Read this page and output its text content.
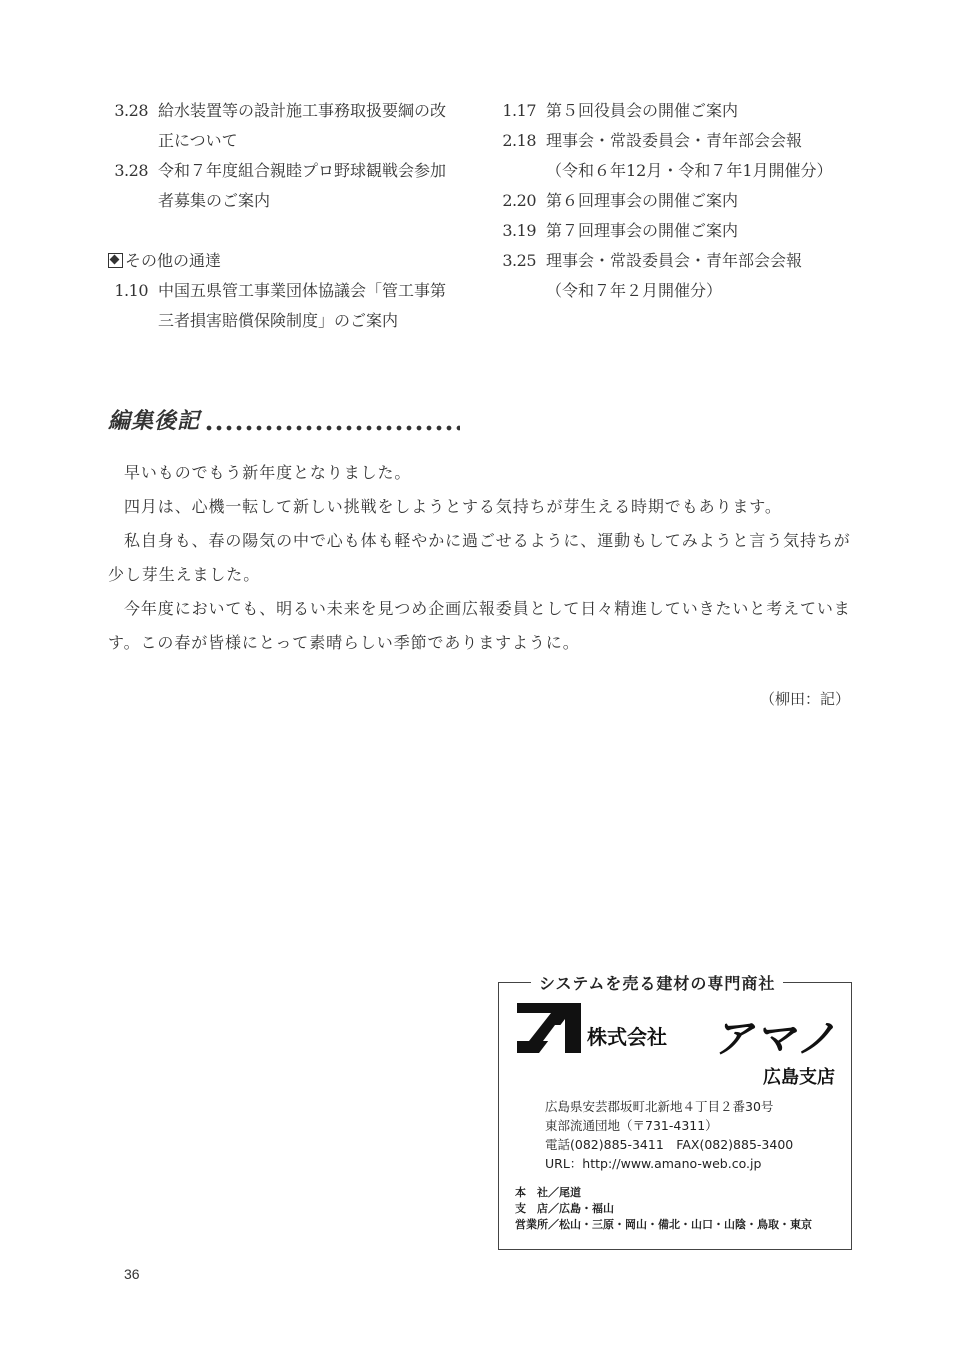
3.28 給水装置等の設計施工事務取扱要綱の改
正について
3.28 令和７年度組合親睦プロ野球観戦会参加
者募集のご案内
その他の通達
1.10 中国五県管工事業団体協議会「管工事第
三者損害賠償保険制度」のご案内
1.17 第５回役員会の開催ご案内
2.18 理事会・常設委員会・青年部会会報
（令和６年12月・令和７年1月開催分）
2.20 第６回理事会の開催ご案内
3.19 第７回理事会の開催ご案内
3.25 理事会・常設委員会・青年部会会報
（令和７年２月開催分）
編集後記

早いものでもう新年度となりました。

四月は、心機一転して新しい挑戦をしようとする気持ちが芽生える時期でもあります。

私自身も、春の陽気の中で心も体も軽やかに過ごせるように、運動もしてみようと言う気持ちが少し芽生えました。

今年度においても、明るい未来を見つめ企画広報委員として日々精進していきたいと考えています。この春が皆様にとって素晴らしい季節でありますように。

（柳田：記）
システムを売る建材の専門商社
株式会社 アマノ
広島支店
広島県安芸郡坂町北新地４丁目２番30号
東部流通団地（〒731-4311）
電話(082)885-3411　FAX(082)885-3400
URL：http://www.amano-web.co.jp
本　社／尾道
支　店／広島・福山
営業所／松山・三原・岡山・備北・山口・山陰・鳥取・東京
36
